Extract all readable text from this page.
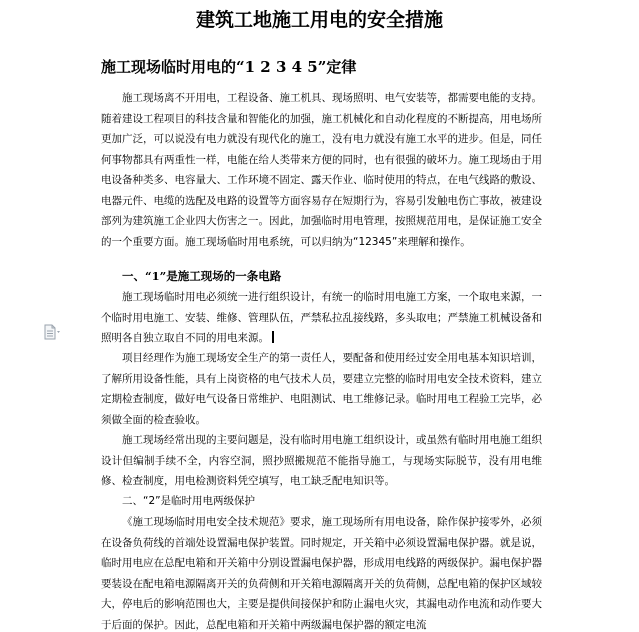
建筑工地施工用电的安全措施
施工现场临时用电的“1 2 3 4 5”定律

施工现场离不开用电，工程设备、施工机具、现场照明、电气安装等，都需要电能的支持。随着建设工程项目的科技含量和智能化的加强，施工机械化和自动化程度的不断提高，用电场所更加广泛，可以说没有电力就没有现代化的施工，没有电力就没有施工水平的进步。但是，同任何事物都具有两重性一样，电能在给人类带来方便的同时，也有很强的破坏力。施工现场由于用电设备种类多、电容量大、工作环境不固定、露天作业、临时使用的特点，在电气线路的敷设、电器元件、电缆的选配及电路的设置等方面容易存在短期行为，容易引发触电伤亡事故，被建设部列为建筑施工企业四大伤害之一。因此，加强临时用电管理，按照规范用电，是保证施工安全的一个重要方面。施工现场临时用电系统，可以归纳为“12345”来理解和操作。

一、“1”是施工现场的一条电路

施工现场临时用电必须统一进行组织设计，有统一的临时用电施工方案，一个取电来源，一个临时用电施工、安装、维修、管理队伍，严禁私拉乱接线路，多头取电；严禁施工机械设备和照明各自独立取自不同的用电来源。

项目经理作为施工现场安全生产的第一责任人，要配备和使用经过安全用电基本知识培训，了解所用设备性能，具有上岗资格的电气技术人员，要建立完整的临时用电安全技术资料，建立定期检查制度，做好电气设备日常维护、电阻测试、电工维修记录。临时用电工程验工完毕，必须做全面的检查验收。

施工现场经常出现的主要问题是，没有临时用电施工组织设计，或虽然有临时用电施工组织设计但编制手续不全，内容空洞，照抄照搬规范不能指导施工，与现场实际脱节，没有用电维修、检查制度，用电检测资料凭空填写，电工缺乏配电知识等。

二、“2”是临时用电两级保护

《施工现场临时用电安全技术规范》要求，施工现场所有用电设备，除作保护接零外，必须在设备负荷线的首端处设置漏电保护装置。同时规定，开关箱中必须设置漏电保护器。就是说，临时用电应在总配电箱和开关箱中分别设置漏电保护器，形成用电线路的两级保护。漏电保护器要装设在配电箱电源隔离开关的负荷侧和开关箱电源隔离开关的负荷侧，总配电箱的保护区域较大，停电后的影响范围也大，主要是提供间接保护和防止漏电火灾，其漏电动作电流和动作要大于后面的保护。因此，总配电箱和开关箱中两级漏电保护器的额定电流
